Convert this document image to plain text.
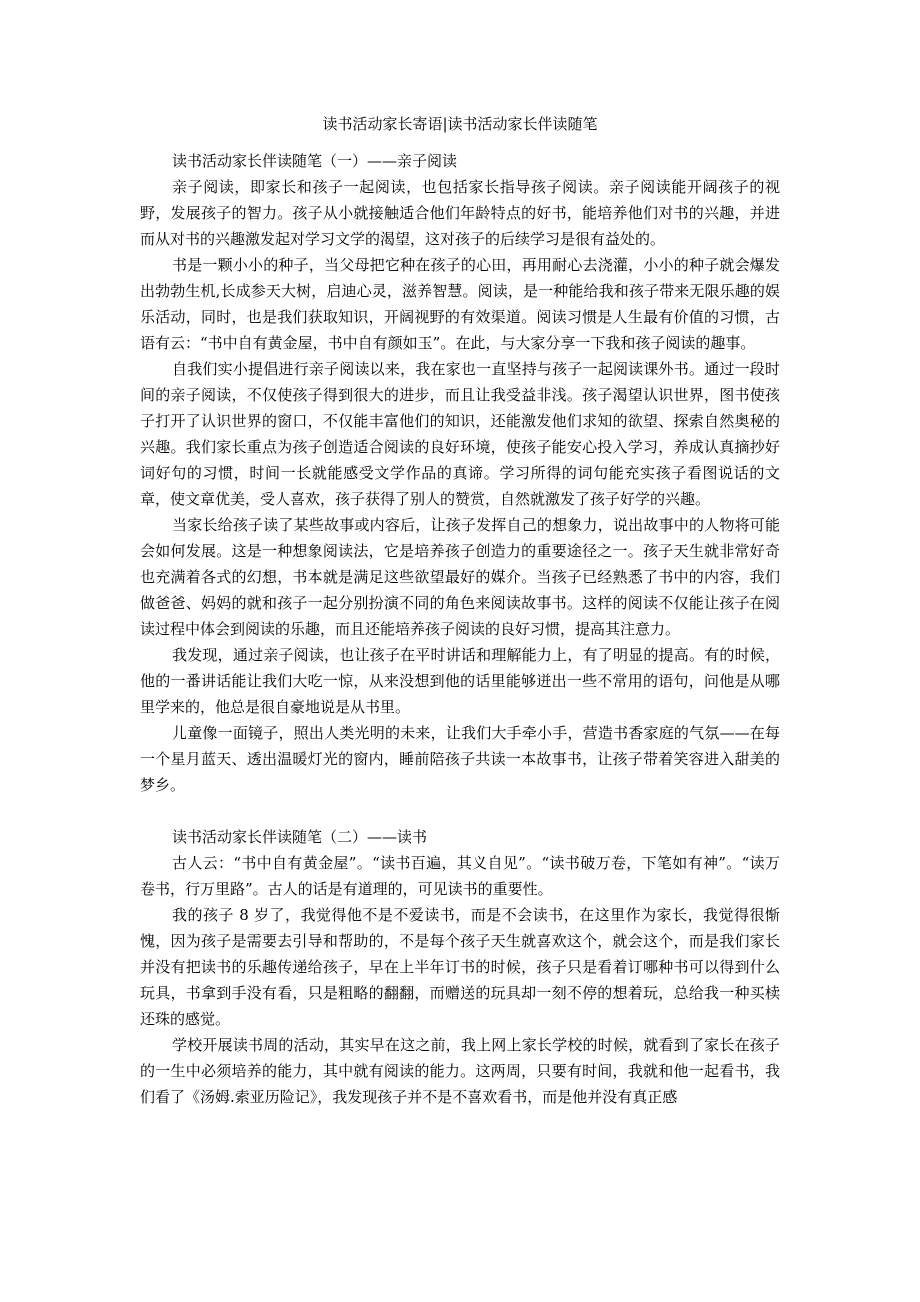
读书活动家长寄语|读书活动家长伴读随笔

读书活动家长伴读随笔（一）——亲子阅读

亲子阅读，即家长和孩子一起阅读，也包括家长指导孩子阅读。亲子阅读能开阔孩子的视野，发展孩子的智力。孩子从小就接触适合他们年龄特点的好书，能培养他们对书的兴趣，并进而从对书的兴趣激发起对学习文学的渴望，这对孩子的后续学习是很有益处的。

书是一颗小小的种子，当父母把它种在孩子的心田，再用耐心去浇灌，小小的种子就会爆发出勃勃生机,长成参天大树，启迪心灵，滋养智慧。阅读，是一种能给我和孩子带来无限乐趣的娱乐活动，同时，也是我们获取知识，开阔视野的有效渠道。阅读习惯是人生最有价值的习惯，古语有云：“书中自有黄金屋，书中自有颜如玉”。在此，与大家分享一下我和孩子阅读的趣事。

自我们实小提倡进行亲子阅读以来，我在家也一直坚持与孩子一起阅读课外书。通过一段时间的亲子阅读，不仅使孩子得到很大的进步，而且让我受益非浅。孩子渴望认识世界，图书使孩子打开了认识世界的窗口，不仅能丰富他们的知识，还能激发他们求知的欲望、探索自然奥秘的兴趣。我们家长重点为孩子创造适合阅读的良好环境，使孩子能安心投入学习，养成认真摘抄好词好句的习惯，时间一长就能感受文学作品的真谛。学习所得的词句能充实孩子看图说话的文章，使文章优美，受人喜欢，孩子获得了别人的赞赏，自然就激发了孩子好学的兴趣。

当家长给孩子读了某些故事或内容后，让孩子发挥自己的想象力，说出故事中的人物将可能会如何发展。这是一种想象阅读法，它是培养孩子创造力的重要途径之一。孩子天生就非常好奇也充满着各式的幻想，书本就是满足这些欲望最好的媒介。当孩子已经熟悉了书中的内容，我们做爸爸、妈妈的就和孩子一起分别扮演不同的角色来阅读故事书。这样的阅读不仅能让孩子在阅读过程中体会到阅读的乐趣，而且还能培养孩子阅读的良好习惯，提高其注意力。

我发现，通过亲子阅读，也让孩子在平时讲话和理解能力上，有了明显的提高。有的时候，他的一番讲话能让我们大吃一惊，从来没想到他的话里能够迸出一些不常用的语句，问他是从哪里学来的，他总是很自豪地说是从书里。

儿童像一面镜子，照出人类光明的未来，让我们大手牵小手，营造书香家庭的气氛——在每一个星月蓝天、透出温暖灯光的窗内，睡前陪孩子共读一本故事书，让孩子带着笑容进入甜美的梦乡。

读书活动家长伴读随笔（二）——读书

古人云：“书中自有黄金屋”。“读书百遍，其义自见”。“读书破万卷，下笔如有神”。“读万卷书，行万里路”。古人的话是有道理的，可见读书的重要性。

我的孩子 8 岁了，我觉得他不是不爱读书，而是不会读书，在这里作为家长，我觉得很惭愧，因为孩子是需要去引导和帮助的，不是每个孩子天生就喜欢这个，就会这个，而是我们家长并没有把读书的乐趣传递给孩子，早在上半年订书的时候，孩子只是看着订哪种书可以得到什么玩具，书拿到手没有看，只是粗略的翻翻，而赠送的玩具却一刻不停的想着玩，总给我一种买椟还珠的感觉。

学校开展读书周的活动，其实早在这之前，我上网上家长学校的时候，就看到了家长在孩子的一生中必须培养的能力，其中就有阅读的能力。这两周，只要有时间，我就和他一起看书，我们看了《汤姆.索亚历险记》，我发现孩子并不是不喜欢看书，而是他并没有真正感
